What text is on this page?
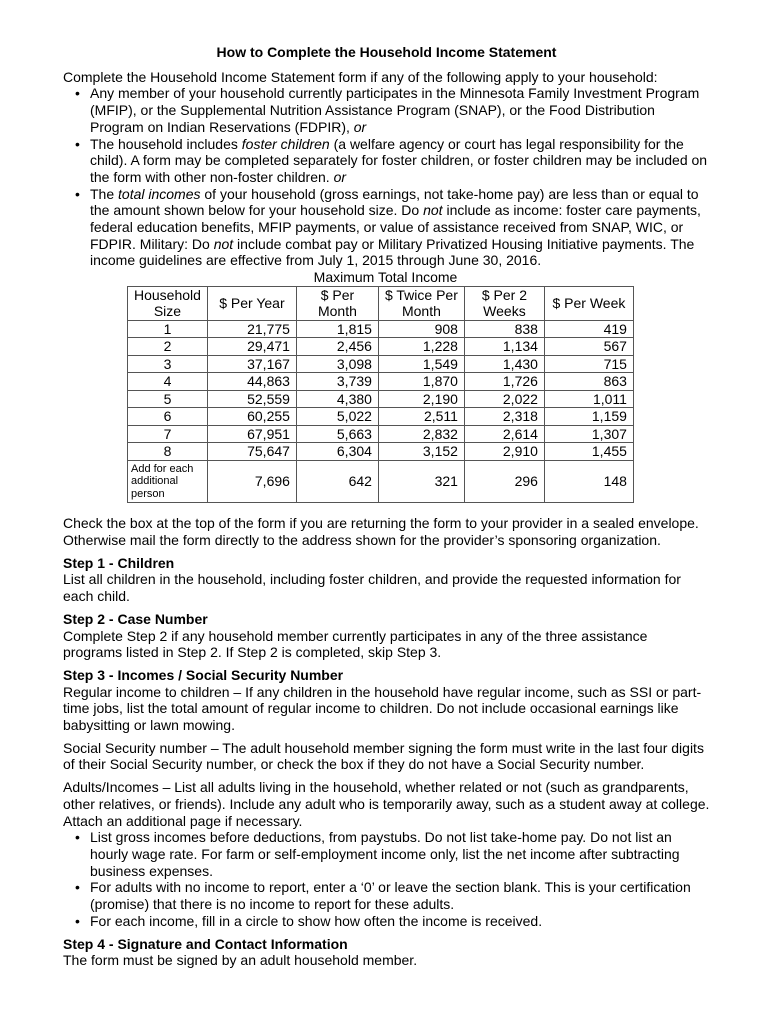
How to Complete the Household Income Statement

Complete the Household Income Statement form if any of the following apply to your household:

• Any member of your household currently participates in the Minnesota Family Investment Program (MFIP), or the Supplemental Nutrition Assistance Program (SNAP), or the Food Distribution Program on Indian Reservations (FDPIR), or
• The household includes foster children (a welfare agency or court has legal responsibility for the child). A form may be completed separately for foster children, or foster children may be included on the form with other non-foster children. or
• The total incomes of your household (gross earnings, not take-home pay) are less than or equal to the amount shown below for your household size. Do not include as income: foster care payments, federal education benefits, MFIP payments, or value of assistance received from SNAP, WIC, or FDPIR. Military: Do not include combat pay or Military Privatized Housing Initiative payments. The income guidelines are effective from July 1, 2015 through June 30, 2016.
Maximum Total Income
Household Size	$ Per Year	$ Per Month	$ Twice Per Month	$ Per 2 Weeks	$ Per Week
1	21,775	1,815	908	838	419
2	29,471	2,456	1,228	1,134	567
3	37,167	3,098	1,549	1,430	715
4	44,863	3,739	1,870	1,726	863
5	52,559	4,380	2,190	2,022	1,011
6	60,255	5,022	2,511	2,318	1,159
7	67,951	5,663	2,832	2,614	1,307
8	75,647	6,304	3,152	2,910	1,455
Add for each additional person	7,696	642	321	296	148

Check the box at the top of the form if you are returning the form to your provider in a sealed envelope. Otherwise mail the form directly to the address shown for the provider’s sponsoring organization.

Step 1 - Children

List all children in the household, including foster children, and provide the requested information for each child.

Step 2 - Case Number

Complete Step 2 if any household member currently participates in any of the three assistance programs listed in Step 2. If Step 2 is completed, skip Step 3.

Step 3 - Incomes / Social Security Number

Regular income to children – If any children in the household have regular income, such as SSI or part-time jobs, list the total amount of regular income to children. Do not include occasional earnings like babysitting or lawn mowing.

Social Security number – The adult household member signing the form must write in the last four digits of their Social Security number, or check the box if they do not have a Social Security number.

Adults/Incomes – List all adults living in the household, whether related or not (such as grandparents, other relatives, or friends). Include any adult who is temporarily away, such as a student away at college. Attach an additional page if necessary.

• List gross incomes before deductions, from paystubs. Do not list take-home pay. Do not list an hourly wage rate. For farm or self-employment income only, list the net income after subtracting business expenses.
• For adults with no income to report, enter a ‘0’ or leave the section blank. This is your certification (promise) that there is no income to report for these adults.
• For each income, fill in a circle to show how often the income is received.
Step 4 - Signature and Contact Information

The form must be signed by an adult household member.
